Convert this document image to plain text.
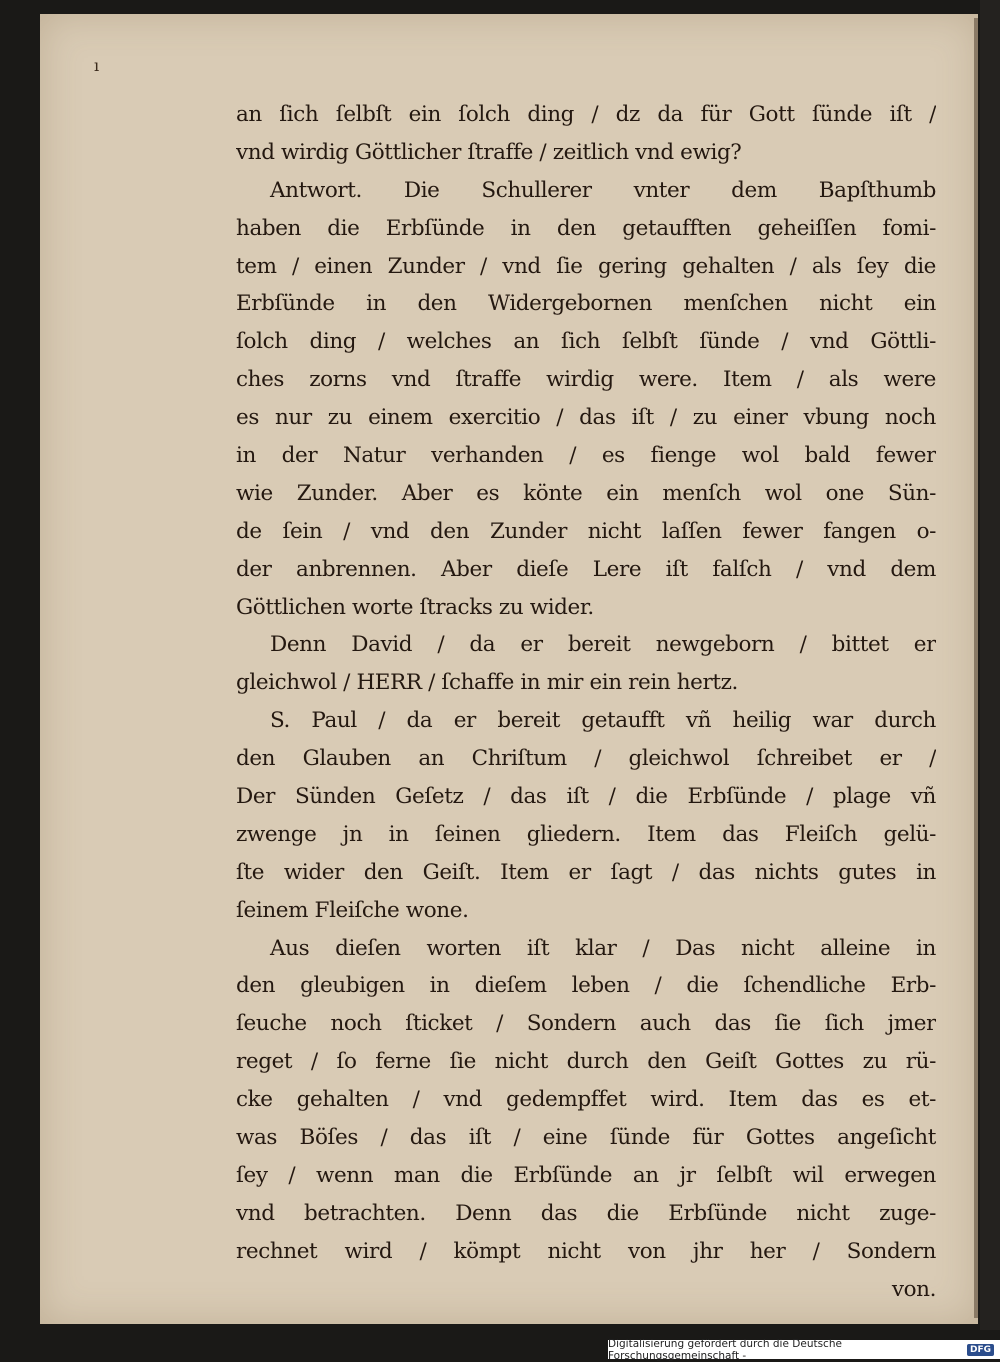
ı
an ſich ſelbſt ein ſolch ding / dz da für Gott ſünde iſt /
vnd wirdig Göttlicher ſtraffe / zeitlich vnd ewig?
Antwort. Die Schullerer vnter dem Bapſthumb
haben die Erbſünde in den getaufften geheiſſen fomi-
tem / einen Zunder / vnd ſie gering gehalten / als ſey die
Erbſünde in den Widergebornen menſchen nicht ein
ſolch ding / welches an ſich ſelbſt ſünde / vnd Göttli-
ches zorns vnd ſtraffe wirdig were. Item / als were
es nur zu einem exercitio / das iſt / zu einer vbung noch
in der Natur verhanden / es fienge wol bald fewer
wie Zunder. Aber es könte ein menſch wol one Sün-
de ſein / vnd den Zunder nicht laſſen fewer fangen o-
der anbrennen. Aber dieſe Lere iſt falſch / vnd dem
Göttlichen worte ſtracks zu wider.
Denn David / da er bereit newgeborn / bittet er
gleichwol / HERR / ſchaffe in mir ein rein hertz.
S. Paul / da er bereit getaufft vñ heilig war durch
den Glauben an Chriſtum / gleichwol ſchreibet er /
Der Sünden Geſetz / das iſt / die Erbſünde / plage vñ
zwenge jn in ſeinen gliedern. Item das Fleiſch gelü-
ſte wider den Geiſt. Item er ſagt / das nichts gutes in
ſeinem Fleiſche wone.
Aus dieſen worten iſt klar / Das nicht alleine in
den gleubigen in dieſem leben / die ſchendliche Erb-
ſeuche noch ſticket / Sondern auch das ſie ſich jmer
reget / ſo ferne ſie nicht durch den Geiſt Gottes zu rü-
cke gehalten / vnd gedempffet wird. Item das es et-
was Böſes / das iſt / eine ſünde für Gottes angeſicht
ſey / wenn man die Erbſünde an jr ſelbſt wil erwegen
vnd betrachten. Denn das die Erbſünde nicht zuge-
rechnet wird / kömpt nicht von jhr her / Sondern
von.
Digitalisierung gefördert durch die Deutsche Forschungsgemeinschaft -	DFG
